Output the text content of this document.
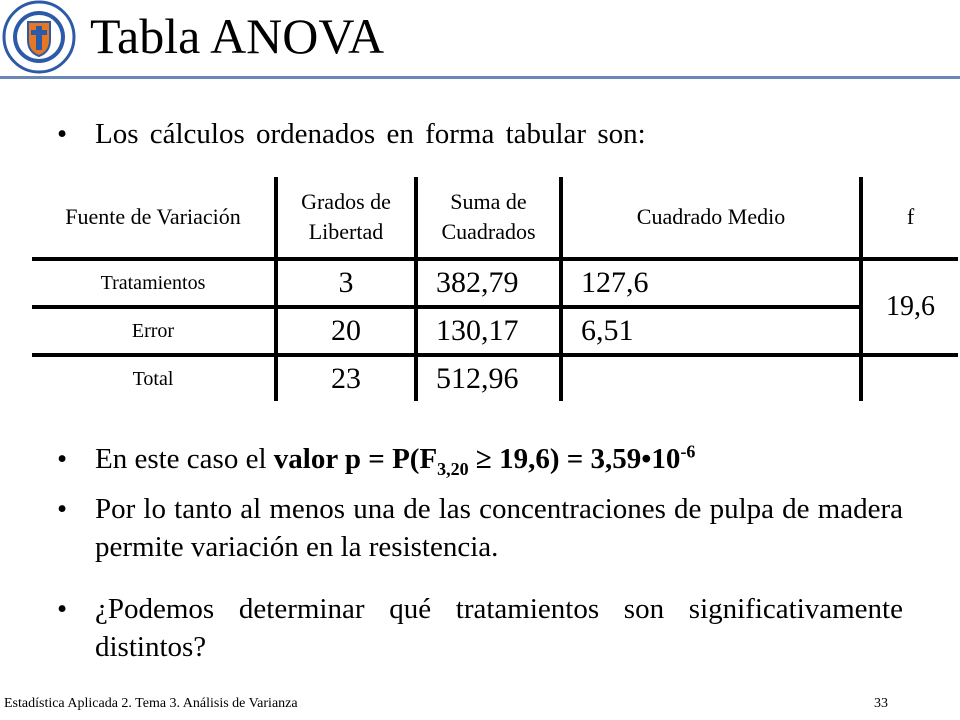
Tabla ANOVA
• Los cálculos ordenados en forma tabular son:
Fuente de Variación	Grados de Libertad	Suma de Cuadrados	Cuadrado Medio	f
Tratamientos	3	382,79	127,6	19,6
Error	20	130,17	6,51	
Total	23	512,96		
• En este caso el valor $p = P(F_{3,20} \ge 19,6)$ = $3,59•10^{-6}$
• Por lo tanto al menos una de las concentraciones de pulpa de madera permite variación en la resistencia.
• ¿Podemos determinar qué tratamientos son significativamente distintos?
Estadística Aplicada 2. Tema 3. Análisis de Varianza	33
